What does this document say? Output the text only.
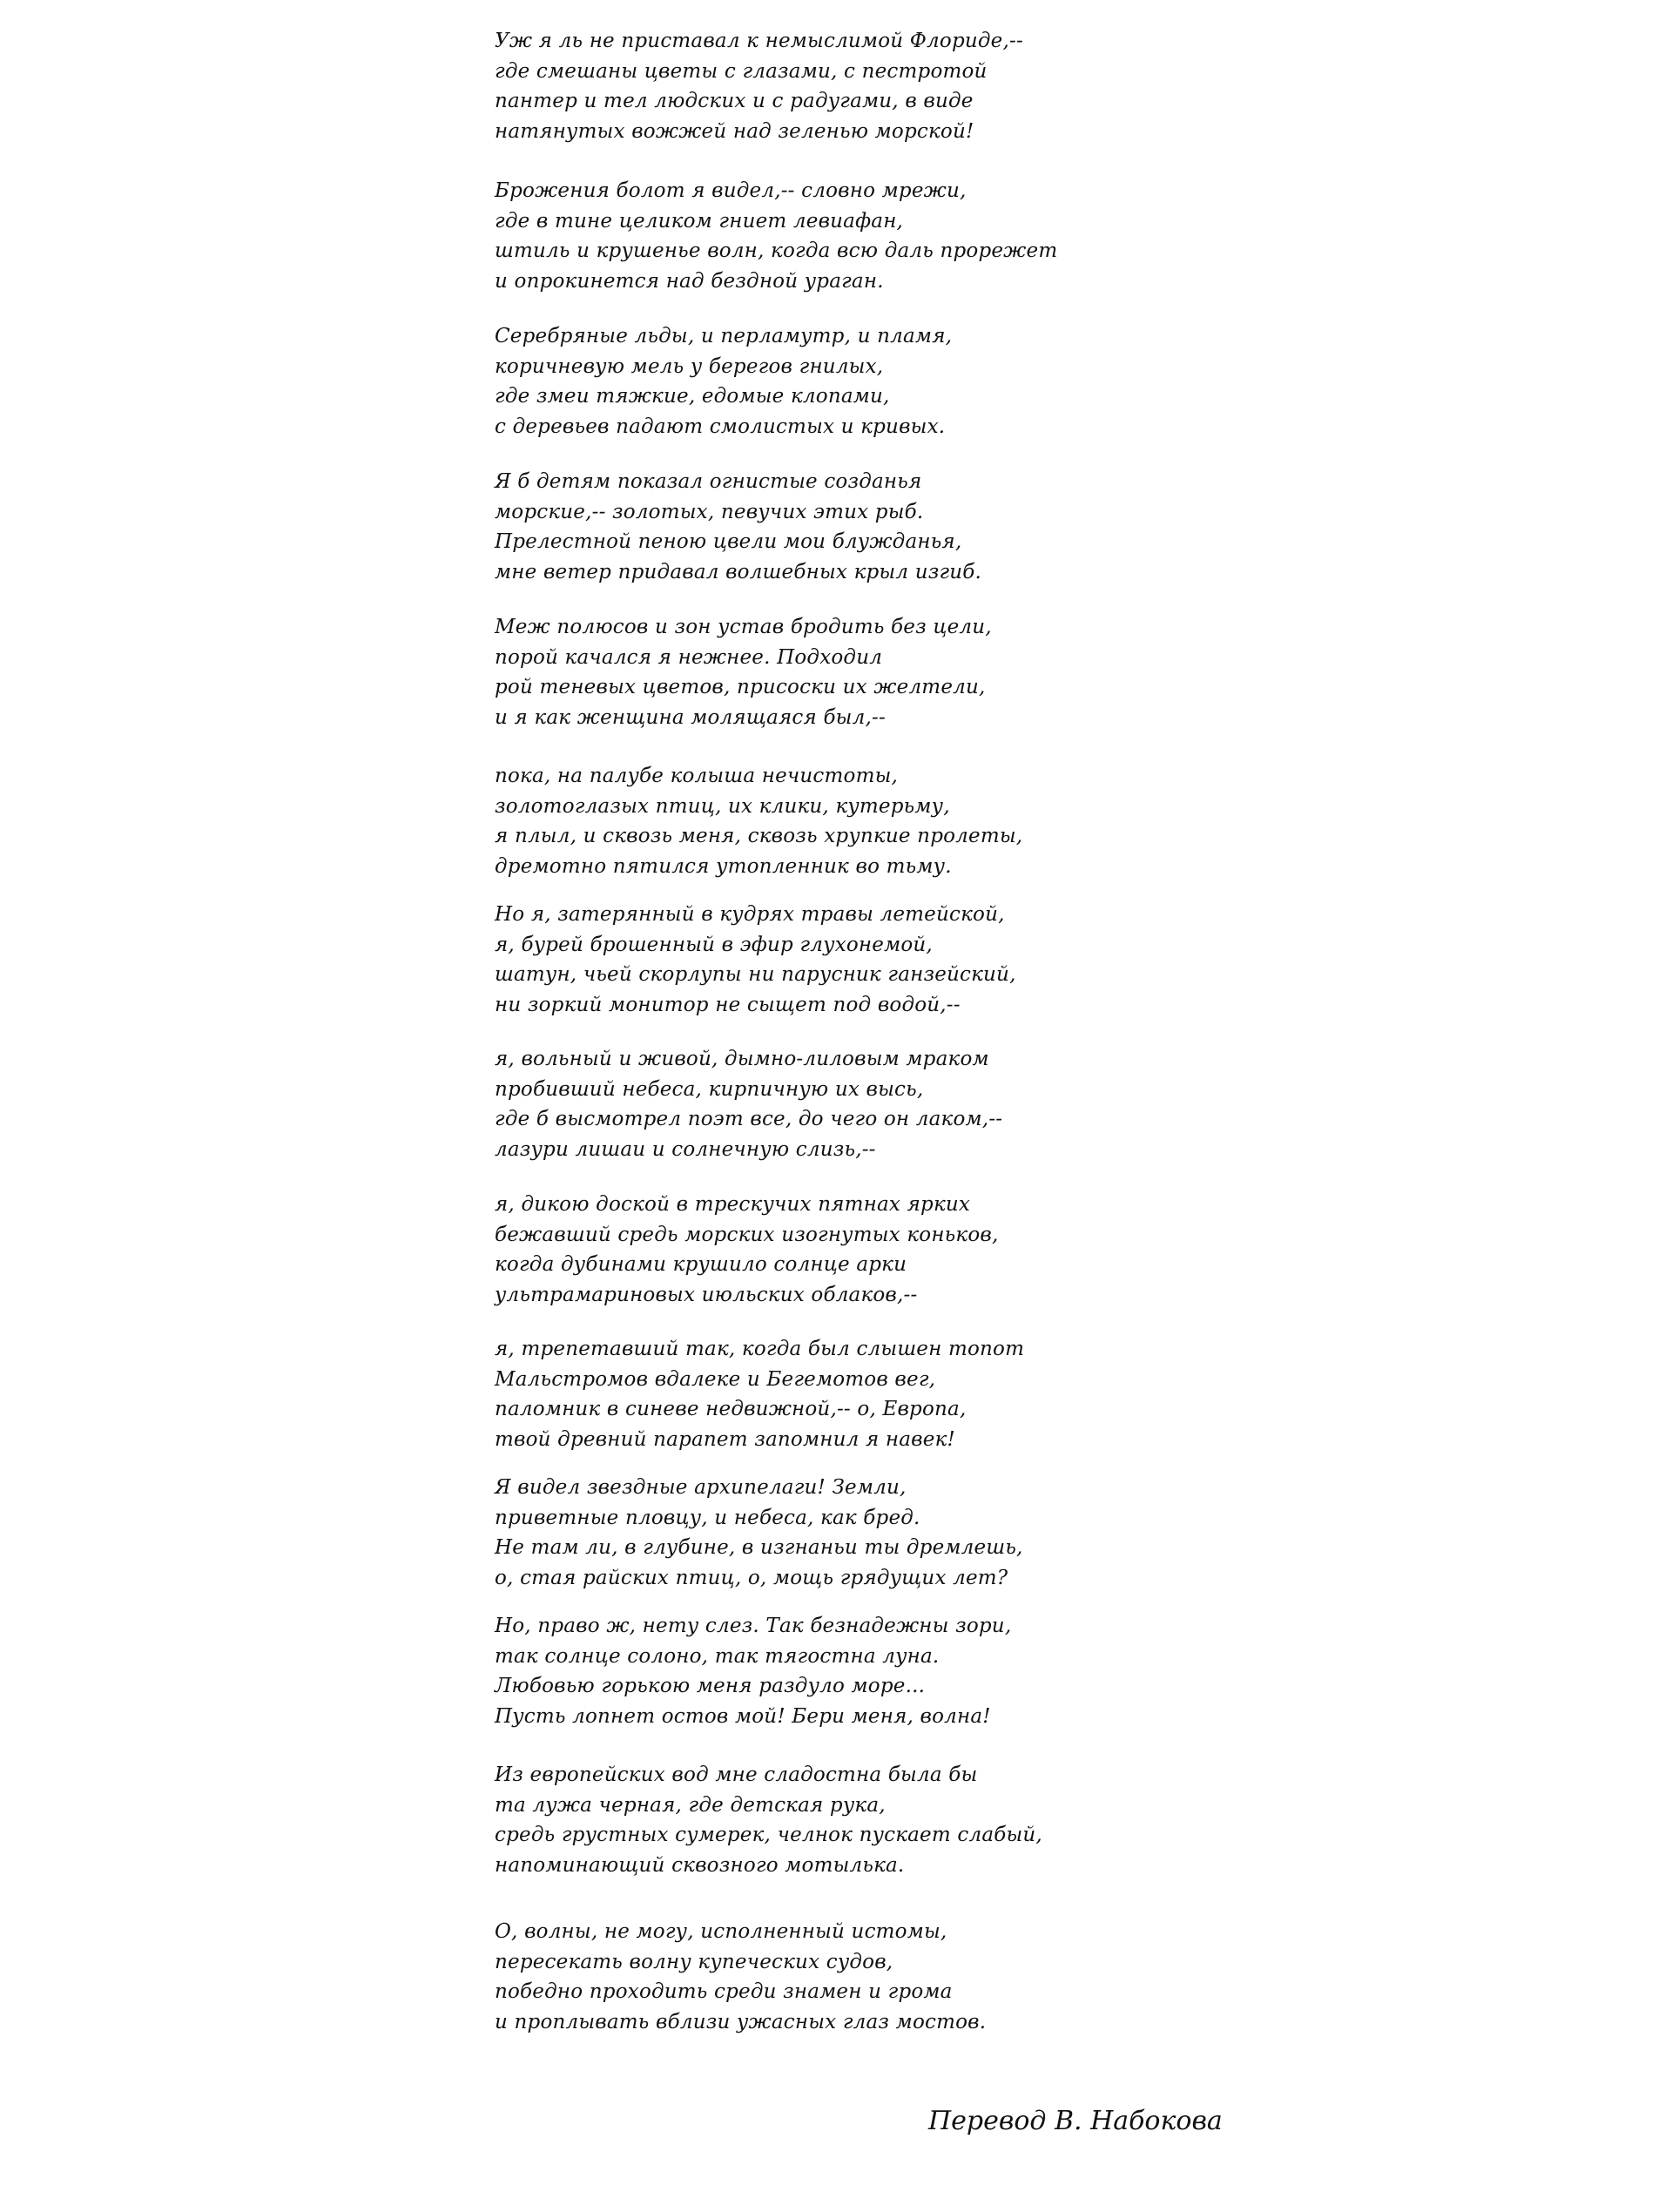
Уж я ль не приставал к немыслимой Флориде,--
где смешаны цветы с глазами, с пестротой
пантер и тел людских и с радугами, в виде
натянутых вожжей над зеленью морской!
Брожения болот я видел,-- словно мрежи,
где в тине целиком гниет левиафан,
штиль и крушенье волн, когда всю даль прорежет
и опрокинется над бездной ураган.
Серебряные льды, и перламутр, и пламя,
коричневую мель у берегов гнилых,
где змеи тяжкие, едомые клопами,
с деревьев падают смолистых и кривых.
Я б детям показал огнистые созданья
морские,-- золотых, певучих этих рыб.
Прелестной пеною цвели мои блужданья,
мне ветер придавал волшебных крыл изгиб.
Меж полюсов и зон устав бродить без цели,
порой качался я нежнее. Подходил
рой теневых цветов, присоски их желтели,
и я как женщина молящаяся был,--
пока, на палубе колыша нечистоты,
золотоглазых птиц, их клики, кутерьму,
я плыл, и сквозь меня, сквозь хрупкие пролеты,
дремотно пятился утопленник во тьму.
Но я, затерянный в кудрях травы летейской,
я, бурей брошенный в эфир глухонемой,
шатун, чьей скорлупы ни парусник ганзейский,
ни зоркий монитор не сыщет под водой,--
я, вольный и живой, дымно-лиловым мраком
пробивший небеса, кирпичную их высь,
где б высмотрел поэт все, до чего он лаком,--
лазури лишаи и солнечную слизь,--
я, дикою доской в трескучих пятнах ярких
бежавший средь морских изогнутых коньков,
когда дубинами крушило солнце арки
ультрамариновых июльских облаков,--
я, трепетавший так, когда был слышен топот
Мальстромов вдалеке и Бегемотов вег,
паломник в синеве недвижной,-- о, Европа,
твой древний парапет запомнил я навек!
Я видел звездные архипелаги! Земли,
приветные пловцу, и небеса, как бред.
Не там ли, в глубине, в изгнаньи ты дремлешь,
о, стая райских птиц, о, мощь грядущих лет?
Но, право ж, нету слез. Так безнадежны зори,
так солнце солоно, так тягостна луна.
Любовью горькою меня раздуло море...
Пусть лопнет остов мой! Бери меня, волна!
Из европейских вод мне сладостна была бы
та лужа черная, где детская рука,
средь грустных сумерек, челнок пускает слабый,
напоминающий сквозного мотылька.
О, волны, не могу, исполненный истомы,
пересекать волну купеческих судов,
победно проходить среди знамен и грома
и проплывать вблизи ужасных глаз мостов.
Перевод В. Набокова
